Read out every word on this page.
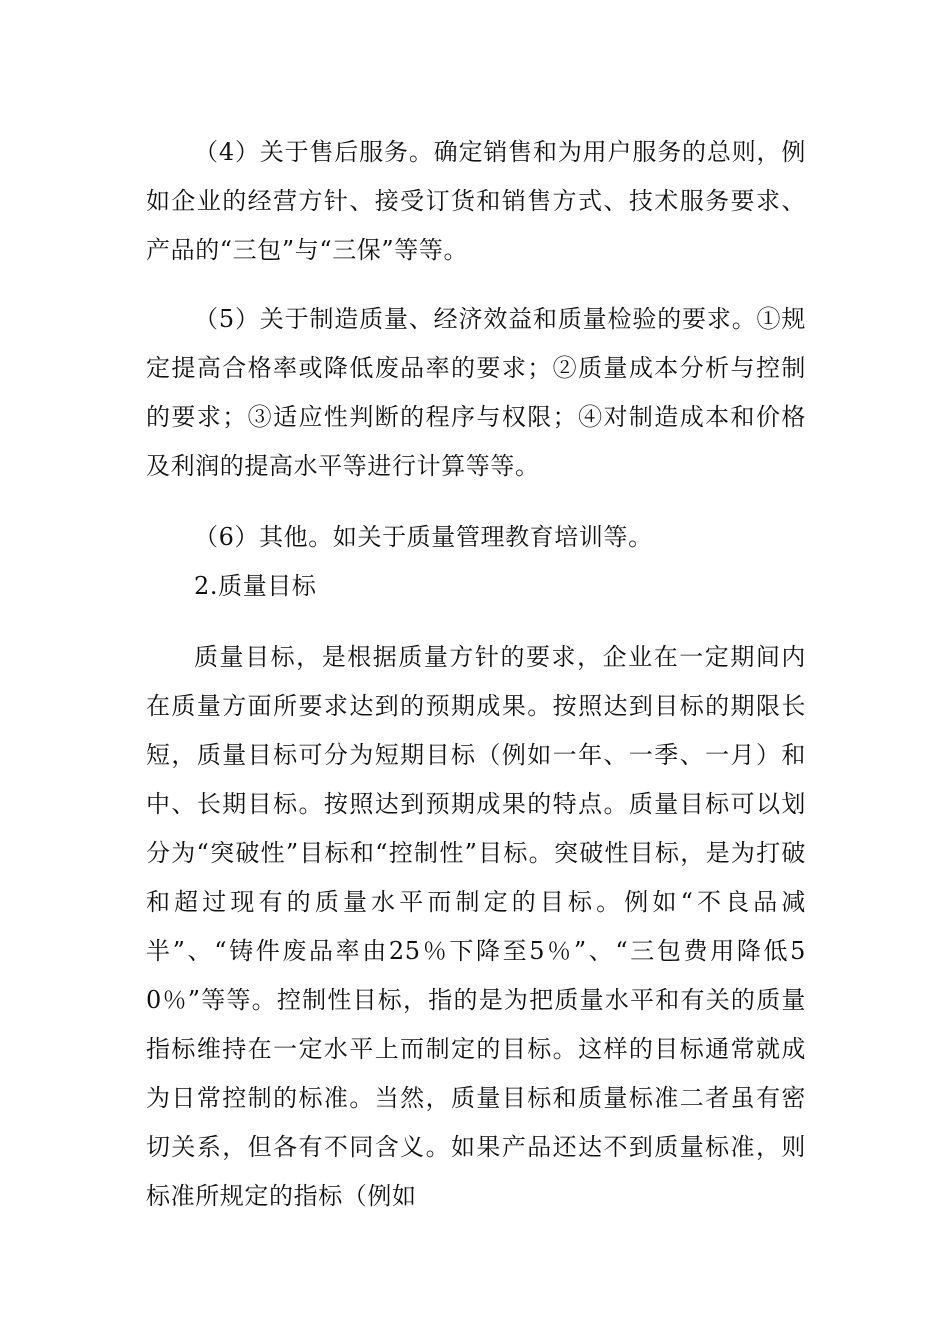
（4）关于售后服务。确定销售和为用户服务的总则，例如企业的经营方针、接受订货和销售方式、技术服务要求、产品的“三包”与“三保”等等。

（5）关于制造质量、经济效益和质量检验的要求。①规定提高合格率或降低废品率的要求；②质量成本分析与控制的要求；③适应性判断的程序与权限；④对制造成本和价格及利润的提高水平等进行计算等等。

（6）其他。如关于质量管理教育培训等。

2.质量目标

质量目标，是根据质量方针的要求，企业在一定期间内在质量方面所要求达到的预期成果。按照达到目标的期限长短，质量目标可分为短期目标（例如一年、一季、一月）和中、长期目标。按照达到预期成果的特点。质量目标可以划分为“突破性”目标和“控制性”目标。突破性目标，是为打破和超过现有的质量水平而制定的目标。例如“不良品减半”、“铸件废品率由25％下降至5％”、“三包费用降低50％”等等。控制性目标，指的是为把质量水平和有关的质量指标维持在一定水平上而制定的目标。这样的目标通常就成为日常控制的标准。当然，质量目标和质量标准二者虽有密切关系，但各有不同含义。如果产品还达不到质量标准，则标准所规定的指标（例如
